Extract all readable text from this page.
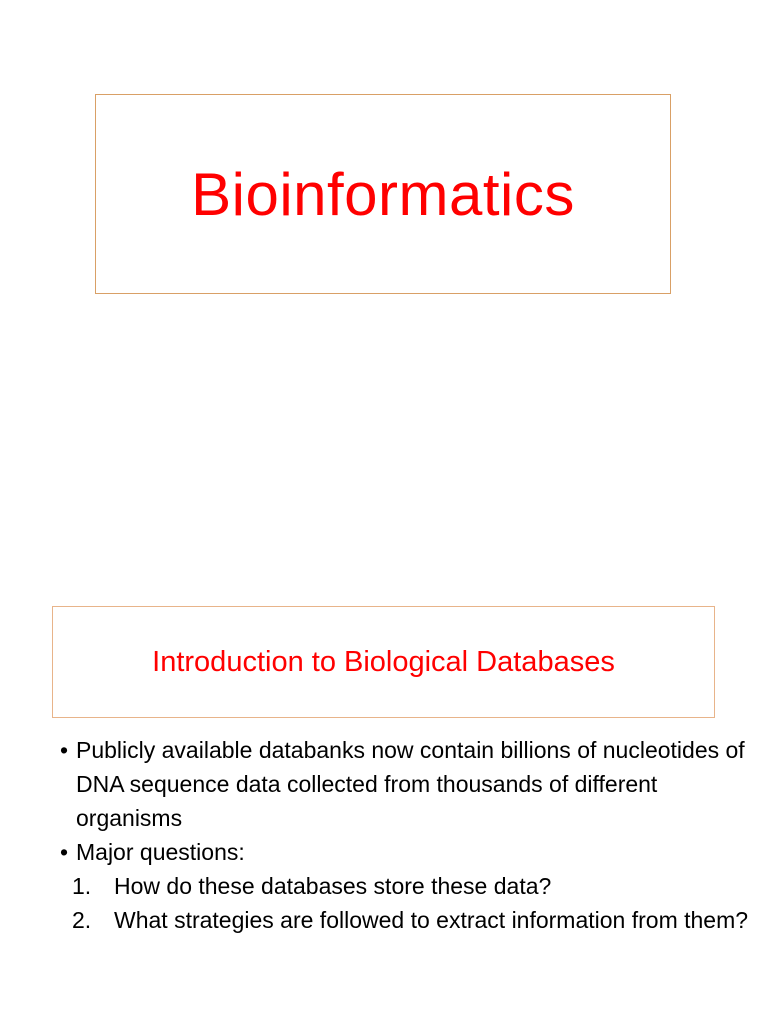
Bioinformatics
Introduction to Biological Databases
• Publicly available databanks now contain billions of nucleotides of DNA sequence data collected from thousands of different organisms
• Major questions:
1. How do these databases store these data?
2. What strategies are followed to extract information from them?
